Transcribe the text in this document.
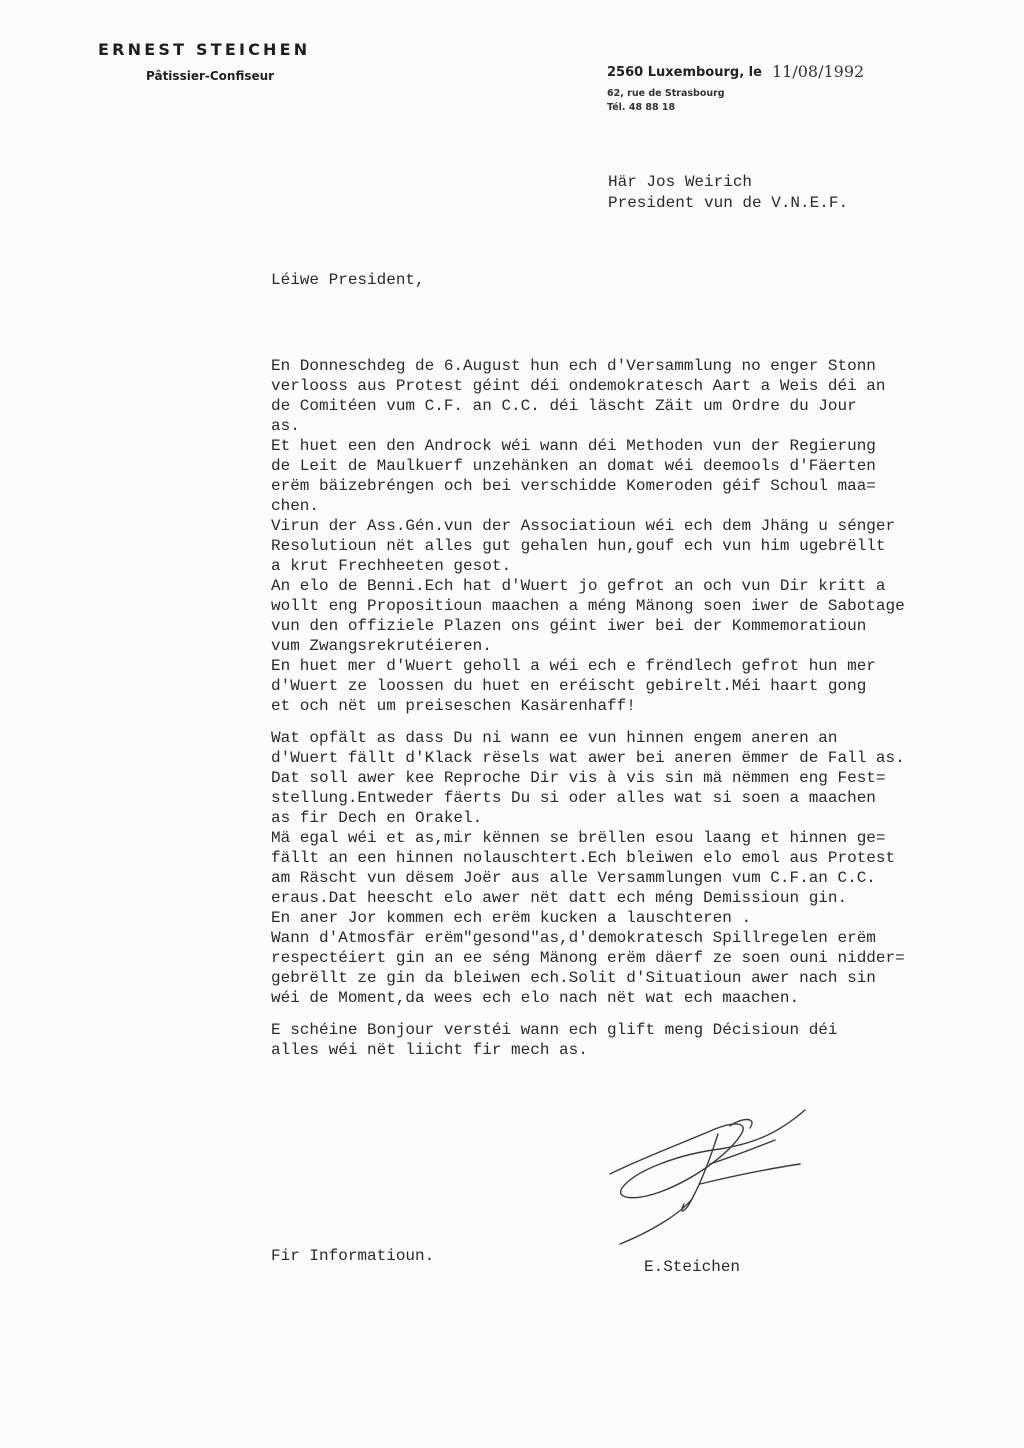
ERNEST STEICHEN
Pâtissier-Confiseur	2560 Luxembourg, le 11/08/1992
62, rue de Strasbourg
Tél. 48 88 18
Här Jos Weirich
President vun de V.N.E.F.
Léiwe President,
En Donneschdeg de 6.August hun ech d'Versammlung no enger Stonn
verlooss aus Protest géint déi ondemokratesch Aart a Weis déi an
de Comitéen vum C.F. an C.C. déi läscht Zäit um Ordre du Jour
as.
Et huet een den Androck wéi wann déi Methoden vun der Regierung
de Leit de Maulkuerf unzehänken an domat wéi deemools d'Fäerten
erëm bäizebréngen och bei verschidde Komeroden géif Schoul maa=
chen.
Virun der Ass.Gén.vun der Associatioun wéi ech dem Jhäng u sénger
Resolutioun nët alles gut gehalen hun,gouf ech vun him ugebrëllt
a krut Frechheeten gesot.
An elo de Benni.Ech hat d'Wuert jo gefrot an och vun Dir kritt a
wollt eng Propositioun maachen a méng Mänong soen iwer de Sabotage
vun den offiziele Plazen ons géint iwer bei der Kommemoratioun
vum Zwangsrekrutéieren.
En huet mer d'Wuert geholl a wéi ech e frëndlech gefrot hun mer
d'Wuert ze loossen du huet en eréischt gebirelt.Méi haart gong
et och nët um preiseschen Kasärenhaff!
Wat opfält as dass Du ni wann ee vun hinnen engem aneren an
d'Wuert fällt d'Klack rësels wat awer bei aneren ëmmer de Fall as.
Dat soll awer kee Reproche Dir vis à vis sin mä nëmmen eng Fest=
stellung.Entweder fäerts Du si oder alles wat si soen a maachen
as fir Dech en Orakel.
Mä egal wéi et as,mir kënnen se brëllen esou laang et hinnen ge=
fällt an een hinnen nolauschtert.Ech bleiwen elo emol aus Protest
am Räscht vun dësem Joër aus alle Versammlungen vum C.F.an C.C.
eraus.Dat heescht elo awer nët datt ech méng Demissioun gin.
En aner Jor kommen ech erëm kucken a lauschteren .
Wann d'Atmosfär erëm"gesond"as,d'demokratesch Spillregelen erëm
respectéiert gin an ee séng Mänong erëm däerf ze soen ouni nidder=
gebrëllt ze gin da bleiwen ech.Solit d'Situatioun awer nach sin
wéi de Moment,da wees ech elo nach nët wat ech maachen.
E schéine Bonjour verstéi wann ech glift meng Décisioun déi
alles wéi nët liicht fir mech as.
Fir Informatioun.
E.Steichen
